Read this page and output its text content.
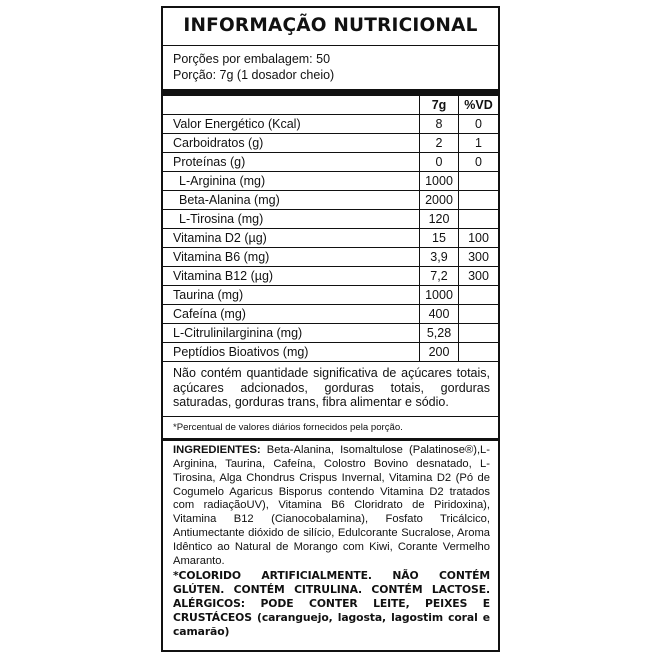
INFORMAÇÃO NUTRICIONAL
Porções por embalagem: 50
Porção: 7g (1 dosador cheio)
	7g	%VD
Valor Energético (Kcal)	8	0
Carboidratos (g)	2	1
Proteínas (g)	0	0
L-Arginina (mg)	1000	
Beta-Alanina (mg)	2000	
L-Tirosina (mg)	120	
Vitamina D2 (µg)	15	100
Vitamina B6 (mg)	3,9	300
Vitamina B12 (µg)	7,2	300
Taurina (mg)	1000	
Cafeína (mg)	400	
L-Citrulinilarginina (mg)	5,28	
Peptídios Bioativos (mg)	200	
Não contém quantidade significativa de açúcares totais, açúcares adcionados, gorduras totais, gorduras saturadas, gorduras trans, fibra alimentar e sódio.
*Percentual de valores diários fornecidos pela porção.
INGREDIENTES: Beta-Alanina, Isomaltulose (Palatinose®),L-Arginina, Taurina, Cafeína, Colostro Bovino desnatado, L-Tirosina, Alga Chondrus Crispus Invernal, Vitamina D2 (Pó de Cogumelo Agaricus Bisporus contendo Vitamina D2 tratados com radiaçãoUV), Vitamina B6 Cloridrato de Piridoxina), Vitamina B12 (Cianocobalamina), Fosfato Tricálcico, Antiumectante dióxido de silício, Edulcorante Sucralose, Aroma Idêntico ao Natural de Morango com Kiwi, Corante Vermelho Amaranto.
*COLORIDO ARTIFICIALMENTE. NÃO CONTÉM GLÚTEN. CONTÉM CITRULINA. CONTÉM LACTOSE. ALÉRGICOS: PODE CONTER LEITE, PEIXES E CRUSTÁCEOS (caranguejo, lagosta, lagostim coral e camarão)
